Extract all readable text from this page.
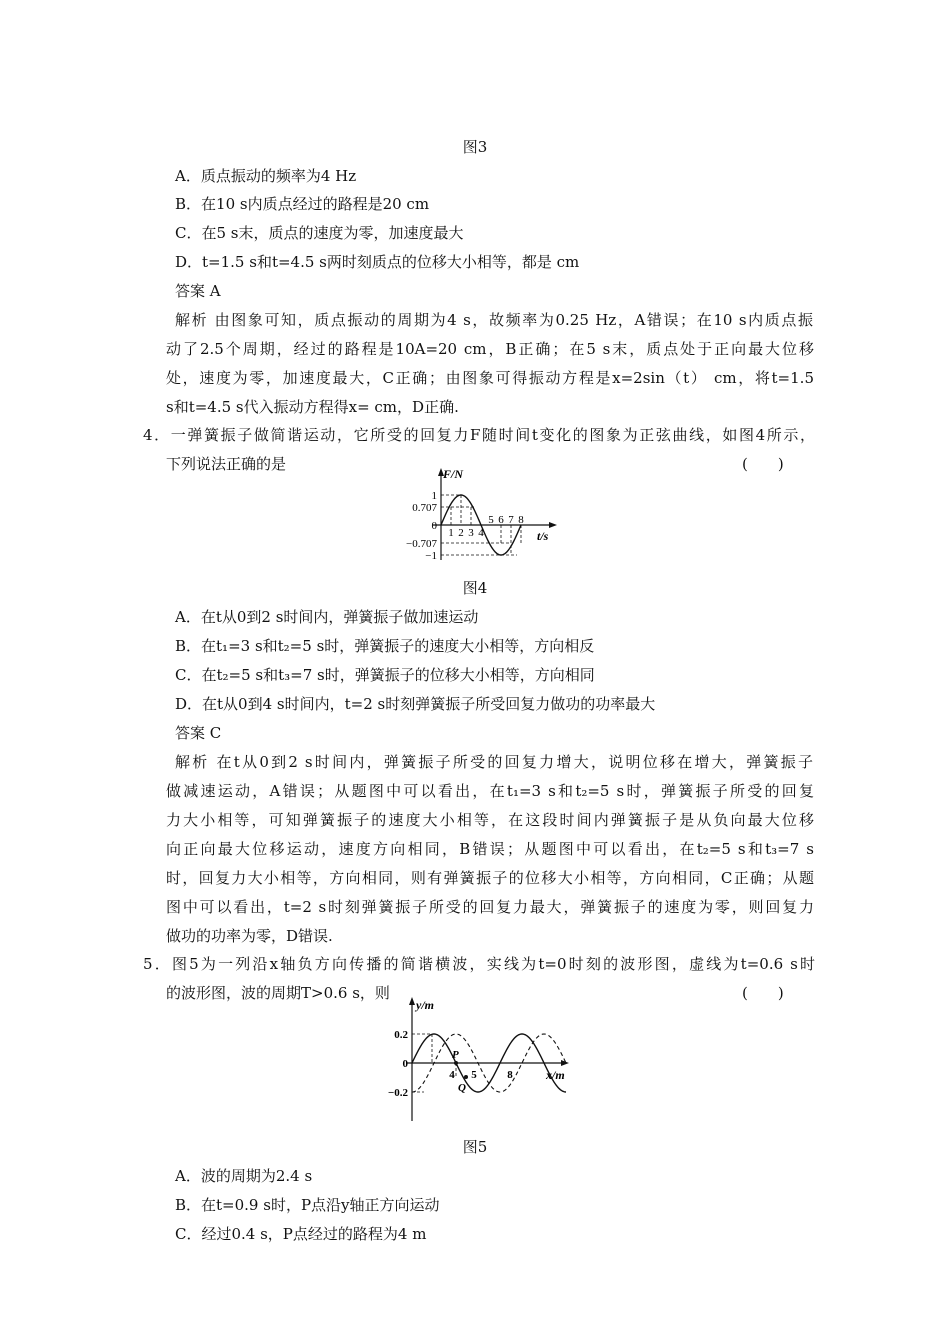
图3
A．质点振动的频率为4 Hz
B．在10 s内质点经过的路程是20 cm
C．在5 s末，质点的速度为零，加速度最大
D．t=1.5 s和t=4.5 s两时刻质点的位移大小相等，都是 cm
答案 A
解析 由图象可知，质点振动的周期为4 s，故频率为0.25 Hz，A错误；在10 s内质点振
动了2.5个周期，经过的路程是10A=20 cm，B正确；在5 s末，质点处于正向最大位移
处，速度为零，加速度最大，C正确；由图象可得振动方程是x=2sin（t） cm，将t=1.5
s和t=4.5 s代入振动方程得x= cm，D正确.
4．一弹簧振子做简谐运动，它所受的回复力F随时间t变化的图象为正弦曲线，如图4所示，
下列说法正确的是	(　　)
F/N
t/s
1
0.707
0
−0.707
−1
1 2 3 4
5 6 7 8
图4
A．在t从0到2 s时间内，弹簧振子做加速运动
B．在t₁=3 s和t₂=5 s时，弹簧振子的速度大小相等，方向相反
C．在t₂=5 s和t₃=7 s时，弹簧振子的位移大小相等，方向相同
D．在t从0到4 s时间内，t=2 s时刻弹簧振子所受回复力做功的功率最大
答案 C
解析 在t从0到2 s时间内，弹簧振子所受的回复力增大，说明位移在增大，弹簧振子
做减速运动，A错误；从题图中可以看出，在t₁=3 s和t₂=5 s时，弹簧振子所受的回复
力大小相等，可知弹簧振子的速度大小相等，在这段时间内弹簧振子是从负向最大位移
向正向最大位移运动，速度方向相同，B错误；从题图中可以看出，在t₂=5 s和t₃=7 s
时，回复力大小相等，方向相同，则有弹簧振子的位移大小相等，方向相同，C正确；从题
图中可以看出，t=2 s时刻弹簧振子所受的回复力最大，弹簧振子的速度为零，则回复力
做功的功率为零，D错误.
5．图5为一列沿x轴负方向传播的简谐横波，实线为t=0时刻的波形图，虚线为t=0.6 s时
的波形图，波的周期T>0.6 s，则	(　　)
y/m
x/m
0.2
0
−0.2
4 5	8
P
Q
图5
A．波的周期为2.4 s
B．在t=0.9 s时，P点沿y轴正方向运动
C．经过0.4 s，P点经过的路程为4 m
